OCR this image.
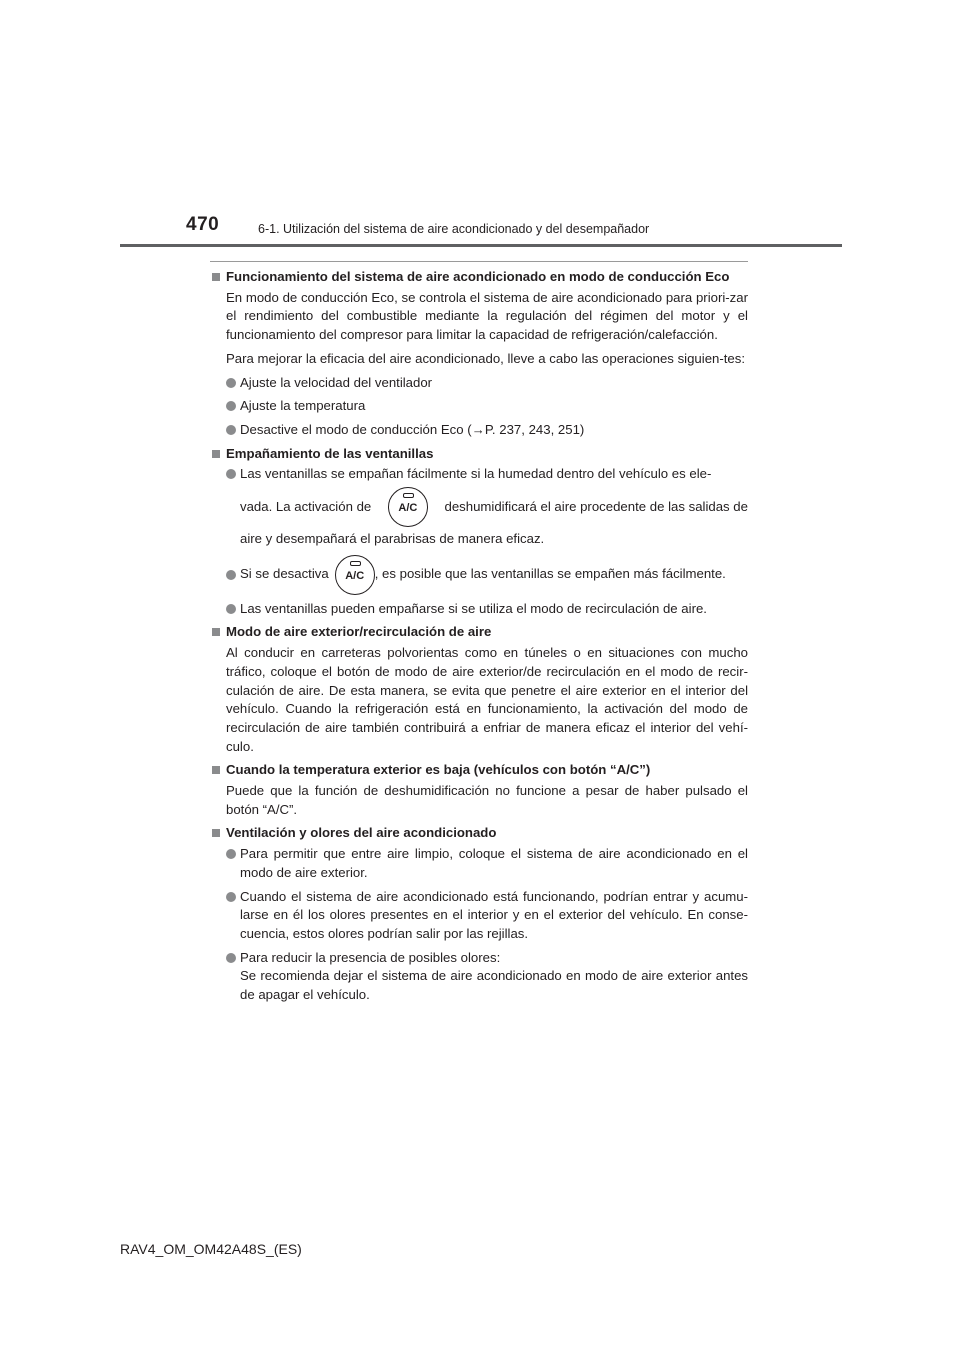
470	6-1. Utilización del sistema de aire acondicionado y del desempañador
Funcionamiento del sistema de aire acondicionado en modo de conducción Eco
En modo de conducción Eco, se controla el sistema de aire acondicionado para priori-zar el rendimiento del combustible mediante la regulación del régimen del motor y el funcionamiento del compresor para limitar la capacidad de refrigeración/calefacción.
Para mejorar la eficacia del aire acondicionado, lleve a cabo las operaciones siguien-tes:
Ajuste la velocidad del ventilador
Ajuste la temperatura
Desactive el modo de conducción Eco (→P. 237, 243, 251)
Empañamiento de las ventanillas
Las ventanillas se empañan fácilmente si la humedad dentro del vehículo es ele-
vada. La activación de	A/C	deshumidificará el aire procedente de las salidas de
aire y desempañará el parabrisas de manera eficaz.
Si se desactiva	A/C , es posible que las ventanillas se empañen más fácilmente.
Las ventanillas pueden empañarse si se utiliza el modo de recirculación de aire.
Modo de aire exterior/recirculación de aire
Al conducir en carreteras polvorientas como en túneles o en situaciones con mucho tráfico, coloque el botón de modo de aire exterior/de recirculación en el modo de recir-culación de aire. De esta manera, se evita que penetre el aire exterior en el interior del vehículo. Cuando la refrigeración está en funcionamiento, la activación del modo de recirculación de aire también contribuirá a enfriar de manera eficaz el interior del vehí-culo.
Cuando la temperatura exterior es baja (vehículos con botón “A/C”)
Puede que la función de deshumidificación no funcione a pesar de haber pulsado el botón “A/C”.
Ventilación y olores del aire acondicionado
Para permitir que entre aire limpio, coloque el sistema de aire acondicionado en el modo de aire exterior.
Cuando el sistema de aire acondicionado está funcionando, podrían entrar y acumu-larse en él los olores presentes en el interior y en el exterior del vehículo. En conse-cuencia, estos olores podrían salir por las rejillas.
Para reducir la presencia de posibles olores:
Se recomienda dejar el sistema de aire acondicionado en modo de aire exterior antes de apagar el vehículo.
RAV4_OM_OM42A48S_(ES)
